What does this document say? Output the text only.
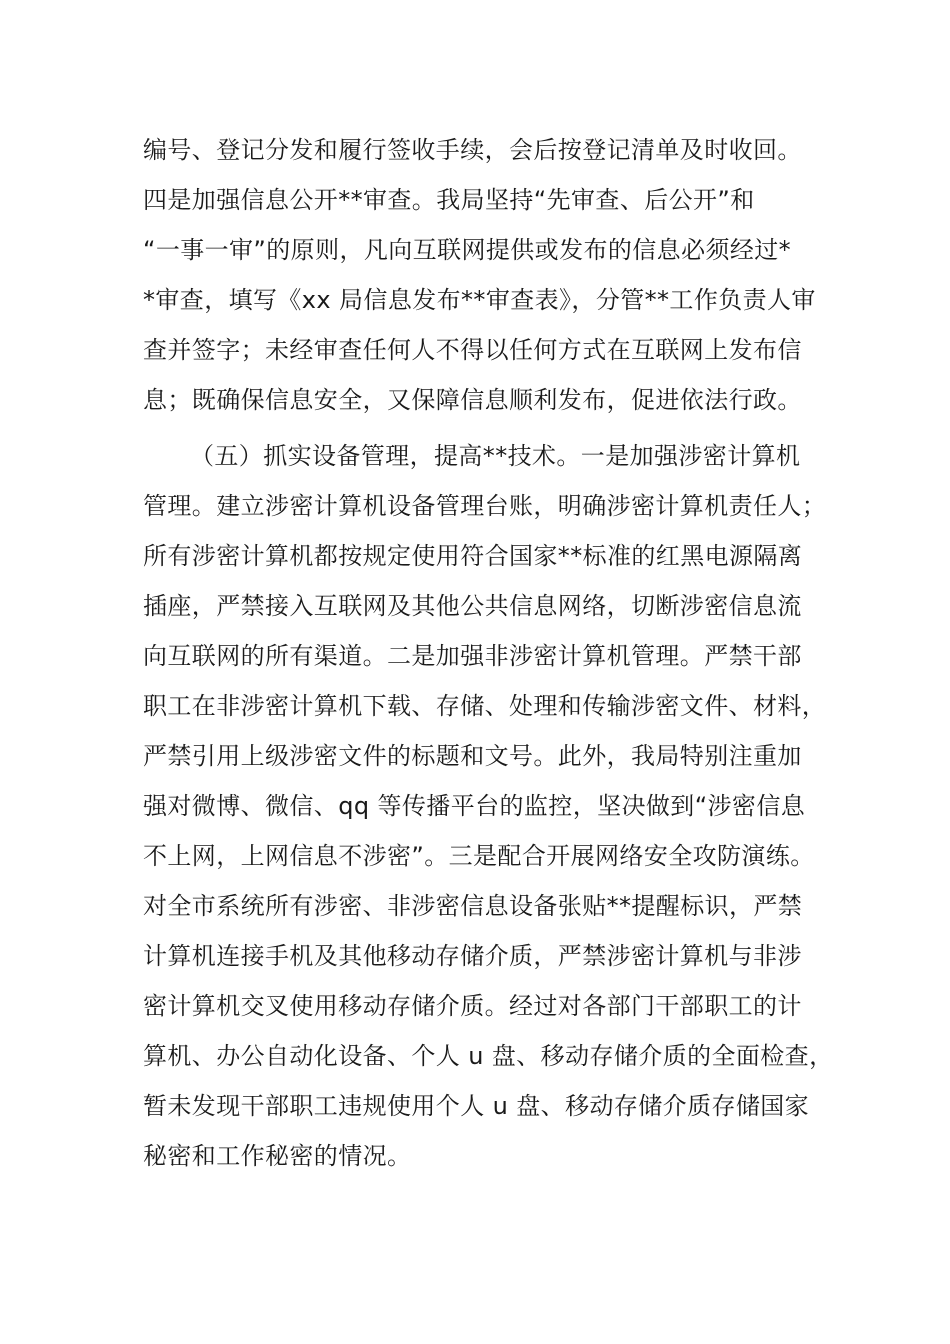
编号、登记分发和履行签收手续，会后按登记清单及时收回。
四是加强信息公开**审查。我局坚持“先审查、后公开”和
“一事一审”的原则，凡向互联网提供或发布的信息必须经过*
*审查，填写《xx 局信息发布**审查表》，分管**工作负责人审
查并签字；未经审查任何人不得以任何方式在互联网上发布信
息；既确保信息安全，又保障信息顺利发布，促进依法行政。
（五）抓实设备管理，提高**技术。一是加强涉密计算机
管理。建立涉密计算机设备管理台账，明确涉密计算机责任人；
所有涉密计算机都按规定使用符合国家**标准的红黑电源隔离
插座，严禁接入互联网及其他公共信息网络，切断涉密信息流
向互联网的所有渠道。二是加强非涉密计算机管理。严禁干部
职工在非涉密计算机下载、存储、处理和传输涉密文件、材料，
严禁引用上级涉密文件的标题和文号。此外，我局特别注重加
强对微博、微信、qq 等传播平台的监控，坚决做到“涉密信息
不上网，上网信息不涉密”。三是配合开展网络安全攻防演练。
对全市系统所有涉密、非涉密信息设备张贴**提醒标识，严禁
计算机连接手机及其他移动存储介质，严禁涉密计算机与非涉
密计算机交叉使用移动存储介质。经过对各部门干部职工的计
算机、办公自动化设备、个人 u 盘、移动存储介质的全面检查，
暂未发现干部职工违规使用个人 u 盘、移动存储介质存储国家
秘密和工作秘密的情况。
